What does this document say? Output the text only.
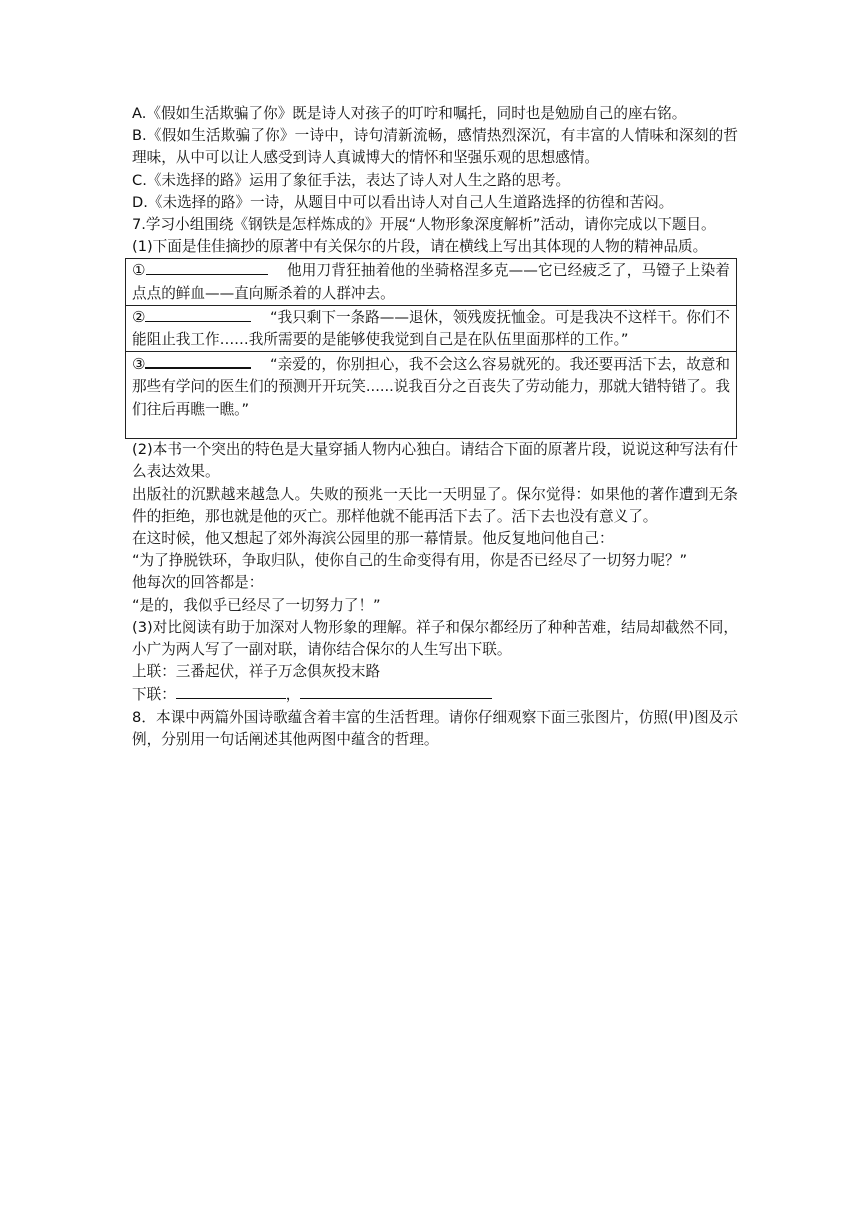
A.《假如生活欺骗了你》既是诗人对孩子的叮咛和嘱托，同时也是勉励自己的座右铭。

B.《假如生活欺骗了你》一诗中，诗句清新流畅，感情热烈深沉，有丰富的人情味和深刻的哲理味，从中可以让人感受到诗人真诚博大的情怀和坚强乐观的思想感情。

C.《未选择的路》运用了象征手法，表达了诗人对人生之路的思考。

D.《未选择的路》一诗，从题目中可以看出诗人对自己人生道路选择的彷徨和苦闷。

7.学习小组围绕《钢铁是怎样炼成的》开展“人物形象深度解析”活动，请你完成以下题目。

(1)下面是佳佳摘抄的原著中有关保尔的片段，请在横线上写出其体现的人物的精神品质。

①	他用刀背狂抽着他的坐骑格涅多克——它已经疲乏了，马镫子上染着点点的鲜血——直向厮杀着的人群冲去。

②	“我只剩下一条路——退休，领残废抚恤金。可是我决不这样干。你们不能阻止我工作……我所需要的是能够使我觉到自己是在队伍里面那样的工作。”

③	“亲爱的，你别担心，我不会这么容易就死的。我还要再活下去，故意和那些有学问的医生们的预测开开玩笑......说我百分之百丧失了劳动能力，那就大错特错了。我们往后再瞧一瞧。”

(2)本书一个突出的特色是大量穿插人物内心独白。请结合下面的原著片段，说说这种写法有什么表达效果。

出版社的沉默越来越急人。失败的预兆一天比一天明显了。保尔觉得：如果他的著作遭到无条件的拒绝，那也就是他的灭亡。那样他就不能再活下去了。活下去也没有意义了。

在这时候，他又想起了郊外海滨公园里的那一幕情景。他反复地问他自己：

“为了挣脱铁环，争取归队，使你自己的生命变得有用，你是否已经尽了一切努力呢？”

他每次的回答都是：

“是的，我似乎已经尽了一切努力了！”

(3)对比阅读有助于加深对人物形象的理解。祥子和保尔都经历了种种苦难，结局却截然不同，小广为两人写了一副对联，请你结合保尔的人生写出下联。

上联：三番起伏，祥子万念俱灰投末路

下联：	，

8．本课中两篇外国诗歌蕴含着丰富的生活哲理。请你仔细观察下面三张图片，仿照(甲)图及示例，分别用一句话阐述其他两图中蕴含的哲理。
